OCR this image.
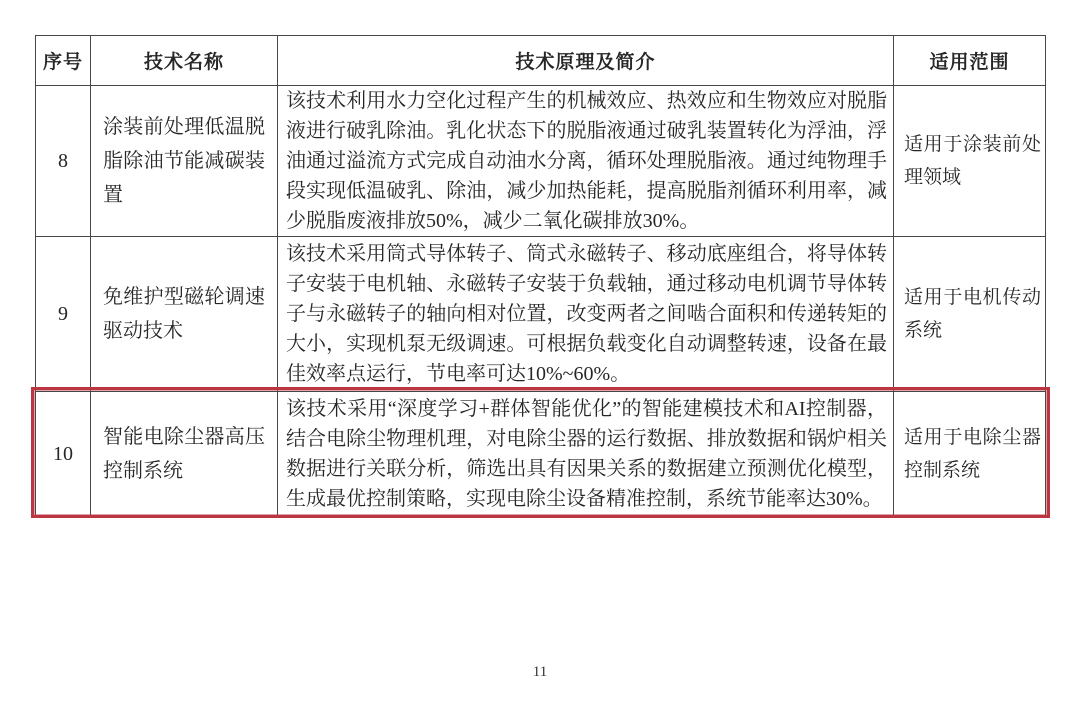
序号	技术名称	技术原理及简介	适用范围
8	涂装前处理低温脱脂除油节能减碳装置	该技术利用水力空化过程产生的机械效应、热效应和生物效应对脱脂液进行破乳除油。乳化状态下的脱脂液通过破乳装置转化为浮油，浮油通过溢流方式完成自动油水分离，循环处理脱脂液。通过纯物理手段实现低温破乳、除油，减少加热能耗，提高脱脂剂循环利用率，减少脱脂废液排放50%，减少二氧化碳排放30%。	适用于涂装前处理领域

9	免维护型磁轮调速驱动技术	该技术采用筒式导体转子、筒式永磁转子、移动底座组合，将导体转子安装于电机轴、永磁转子安装于负载轴，通过移动电机调节导体转子与永磁转子的轴向相对位置，改变两者之间啮合面积和传递转矩的大小，实现机泵无级调速。可根据负载变化自动调整转速，设备在最佳效率点运行，节电率可达10%~60%。	适用于电机传动系统

10	智能电除尘器高压控制系统	该技术采用“深度学习+群体智能优化”的智能建模技术和AI控制器，结合电除尘物理机理，对电除尘器的运行数据、排放数据和锅炉相关数据进行关联分析，筛选出具有因果关系的数据建立预测优化模型，生成最优控制策略，实现电除尘设备精准控制，系统节能率达30%。	适用于电除尘器控制系统
11
